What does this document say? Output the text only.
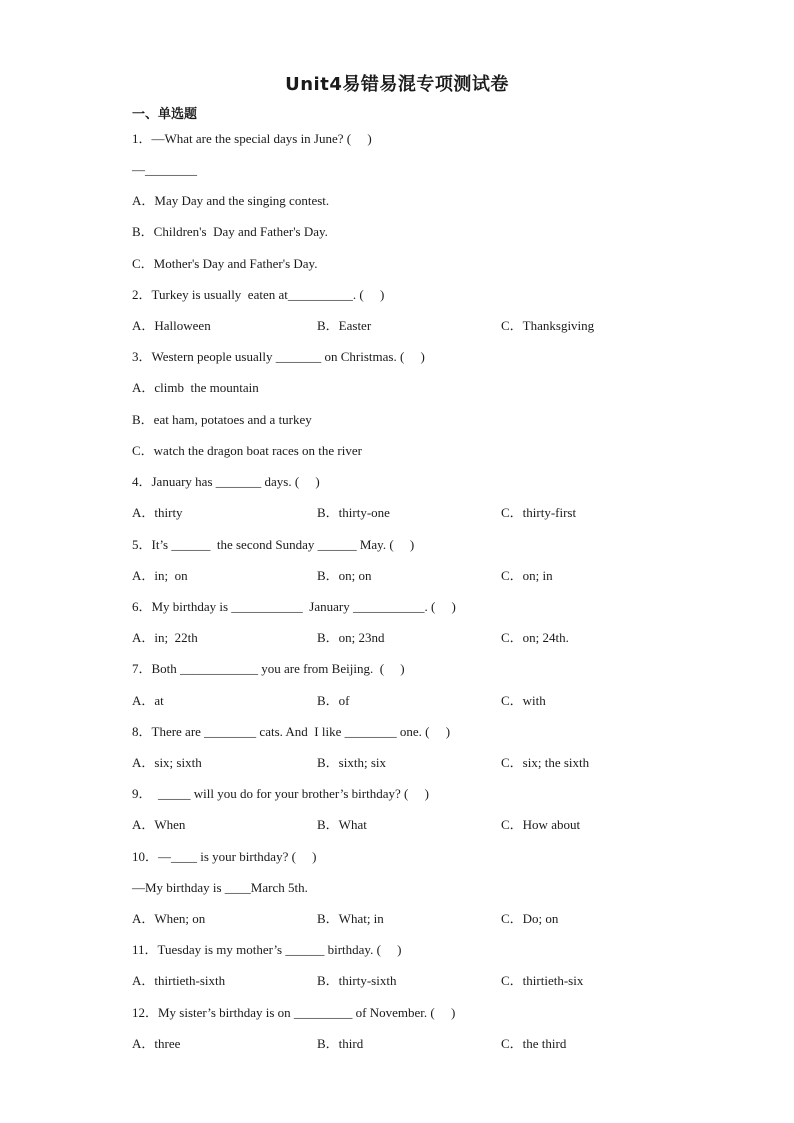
Unit4易错易混专项测试卷
一、单选题
1．—What are the special days in June? (     )
—________
A．May Day and the singing contest.
B．Children's  Day and Father's Day.
C．Mother's Day and Father's Day.
2．Turkey is usually  eaten at__________. (     )
A．Halloween	B．Easter	C．Thanksgiving
3．Western people usually _______ on Christmas. (     )
A．climb  the mountain
B．eat ham, potatoes and a turkey
C．watch the dragon boat races on the river
4．January has _______ days. (     )
A．thirty	B．thirty-one	C．thirty-first
5．It’s ______  the second Sunday ______ May. (     )
A．in;  on	B．on; on	C．on; in
6．My birthday is ___________  January ___________. (     )
A．in;  22th	B．on; 23nd	C．on; 24th.
7．Both ____________ you are from Beijing.  (     )
A．at	B．of	C．with
8．There are ________ cats. And  I like ________ one. (     )
A．six; sixth	B．sixth; six	C．six; the sixth
9．  _____ will you do for your brother’s birthday? (     )
A．When	B．What	C．How about
10．—____ is your birthday? (     )
—My birthday is ____March 5th.
A．When; on	B．What; in	C．Do; on
11．Tuesday is my mother’s ______ birthday. (     )
A．thirtieth-sixth	B．thirty-sixth	C．thirtieth-six
12．My sister’s birthday is on _________ of November. (     )
A．three	B．third	C．the third
